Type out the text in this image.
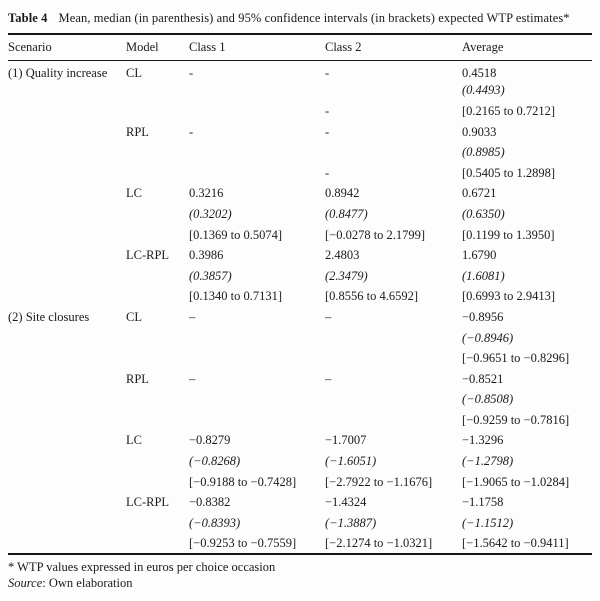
Table 4 Mean, median (in parenthesis) and 95% confidence intervals (in brackets) expected WTP estimates*
Scenario	Model	Class 1	Class 2	Average
(1) Quality increase	CL	-	-	0.4518
				(0.4493)
			-	[0.2165 to 0.7212]
	RPL	-	-	0.9033
				(0.8985)
			-	[0.5405 to 1.2898]
	LC	0.3216	0.8942	0.6721
		(0.3202)	(0.8477)	(0.6350)
		[0.1369 to 0.5074]	[−0.0278 to 2.1799]	[0.1199 to 1.3950]
	LC-RPL	0.3986	2.4803	1.6790
		(0.3857)	(2.3479)	(1.6081)
		[0.1340 to 0.7131]	[0.8556 to 4.6592]	[0.6993 to 2.9413]
(2) Site closures	CL	–	–	−0.8956
				(−0.8946)
				[−0.9651 to −0.8296]
	RPL	–	–	−0.8521
				(−0.8508)
				[−0.9259 to −0.7816]
	LC	−0.8279	−1.7007	−1.3296
		(−0.8268)	(−1.6051)	(−1.2798)
		[−0.9188 to −0.7428]	[−2.7922 to −1.1676]	[−1.9065 to −1.0284]
	LC-RPL	−0.8382	−1.4324	−1.1758
		(−0.8393)	(−1.3887)	(−1.1512)
		[−0.9253 to −0.7559]	[−2.1274 to −1.0321]	[−1.5642 to −0.9411]
* WTP values expressed in euros per choice occasion
Source: Own elaboration
